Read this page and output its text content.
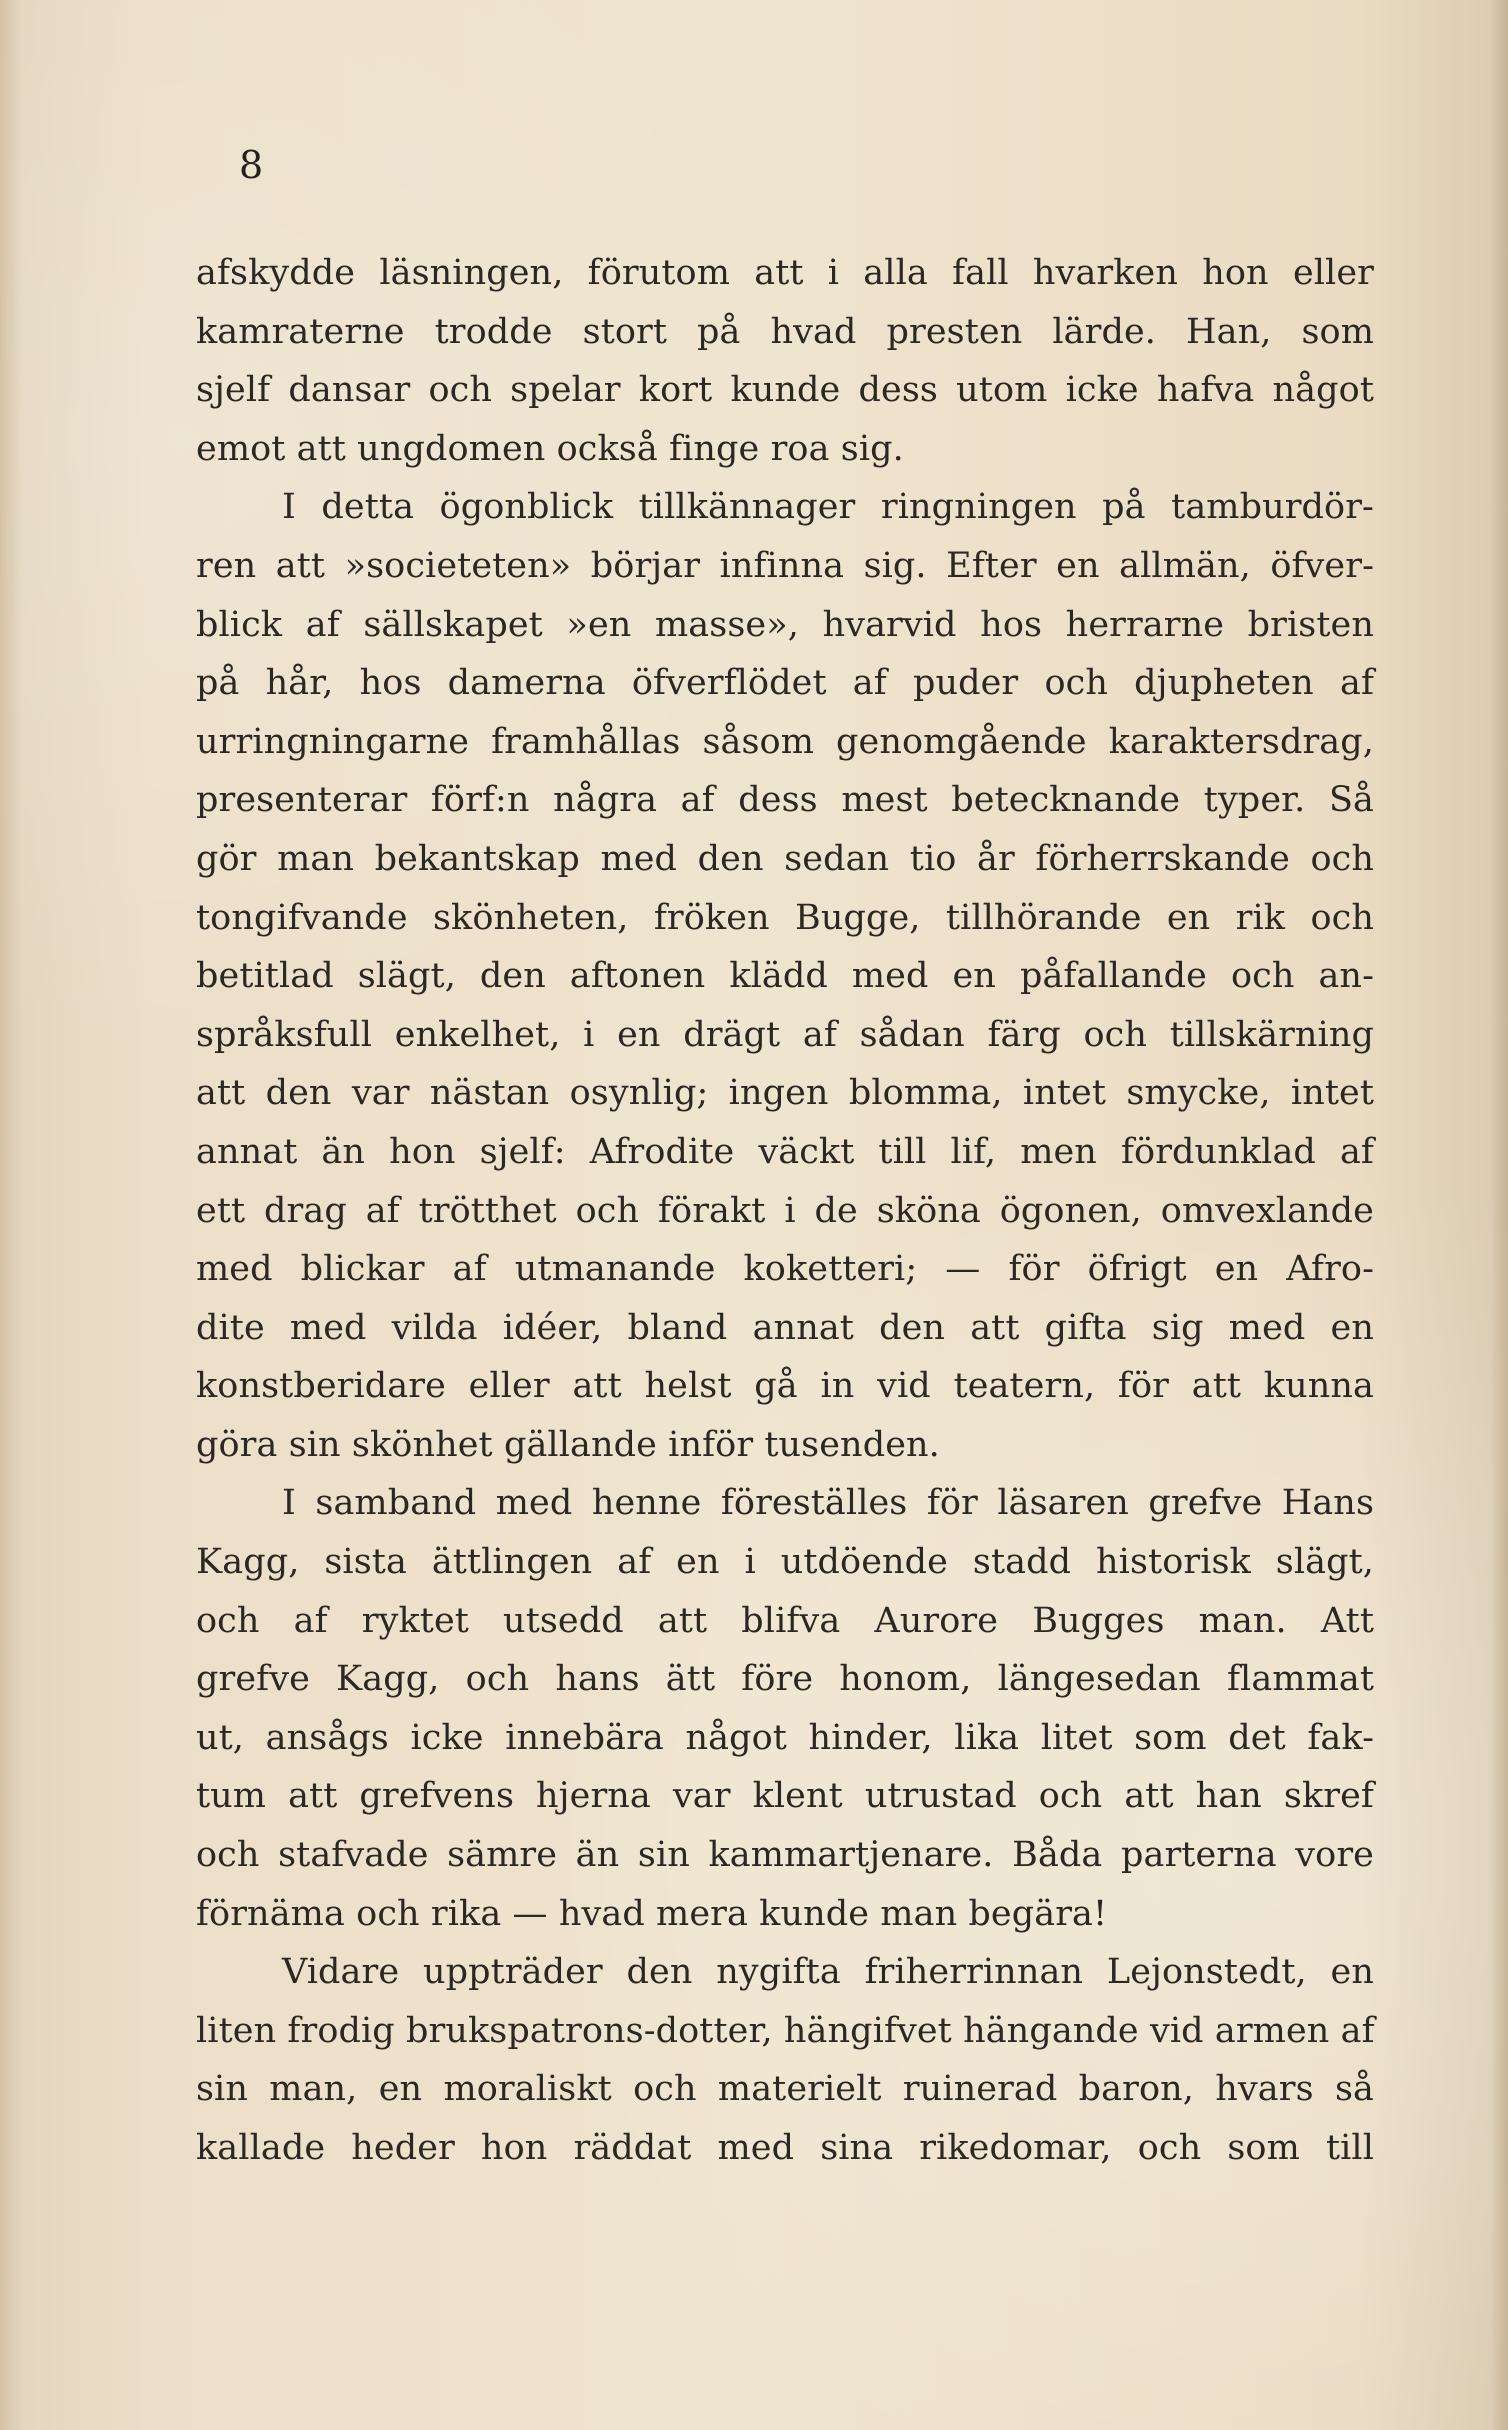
8
afskydde läsningen, förutom att i alla fall hvarken hon eller
kamraterne trodde stort på hvad presten lärde. Han, som
sjelf dansar och spelar kort kunde dess utom icke hafva något
emot att ungdomen också finge roa sig.
I detta ögonblick tillkännager ringningen på tamburdör-
ren att »societeten» börjar infinna sig. Efter en allmän, öfver-
blick af sällskapet »en masse», hvarvid hos herrarne bristen
på hår, hos damerna öfverflödet af puder och djupheten af
urringningarne framhållas såsom genomgående karaktersdrag,
presenterar förf:n några af dess mest betecknande typer. Så
gör man bekantskap med den sedan tio år förherrskande och
tongifvande skönheten, fröken Bugge, tillhörande en rik och
betitlad slägt, den aftonen klädd med en påfallande och an-
språksfull enkelhet, i en drägt af sådan färg och tillskärning
att den var nästan osynlig; ingen blomma, intet smycke, intet
annat än hon sjelf: Afrodite väckt till lif, men fördunklad af
ett drag af trötthet och förakt i de sköna ögonen, omvexlande
med blickar af utmanande koketteri; — för öfrigt en Afro-
dite med vilda idéer, bland annat den att gifta sig med en
konstberidare eller att helst gå in vid teatern, för att kunna
göra sin skönhet gällande inför tusenden.
I samband med henne föreställes för läsaren grefve Hans
Kagg, sista ättlingen af en i utdöende stadd historisk slägt,
och af ryktet utsedd att blifva Aurore Bugges man. Att
grefve Kagg, och hans ätt före honom, längesedan flammat
ut, ansågs icke innebära något hinder, lika litet som det fak-
tum att grefvens hjerna var klent utrustad och att han skref
och stafvade sämre än sin kammartjenare. Båda parterna vore
förnäma och rika — hvad mera kunde man begära!
Vidare uppträder den nygifta friherrinnan Lejonstedt, en
liten frodig brukspatrons-dotter, hängifvet hängande vid armen af
sin man, en moraliskt och materielt ruinerad baron, hvars så
kallade heder hon räddat med sina rikedomar, och som till
